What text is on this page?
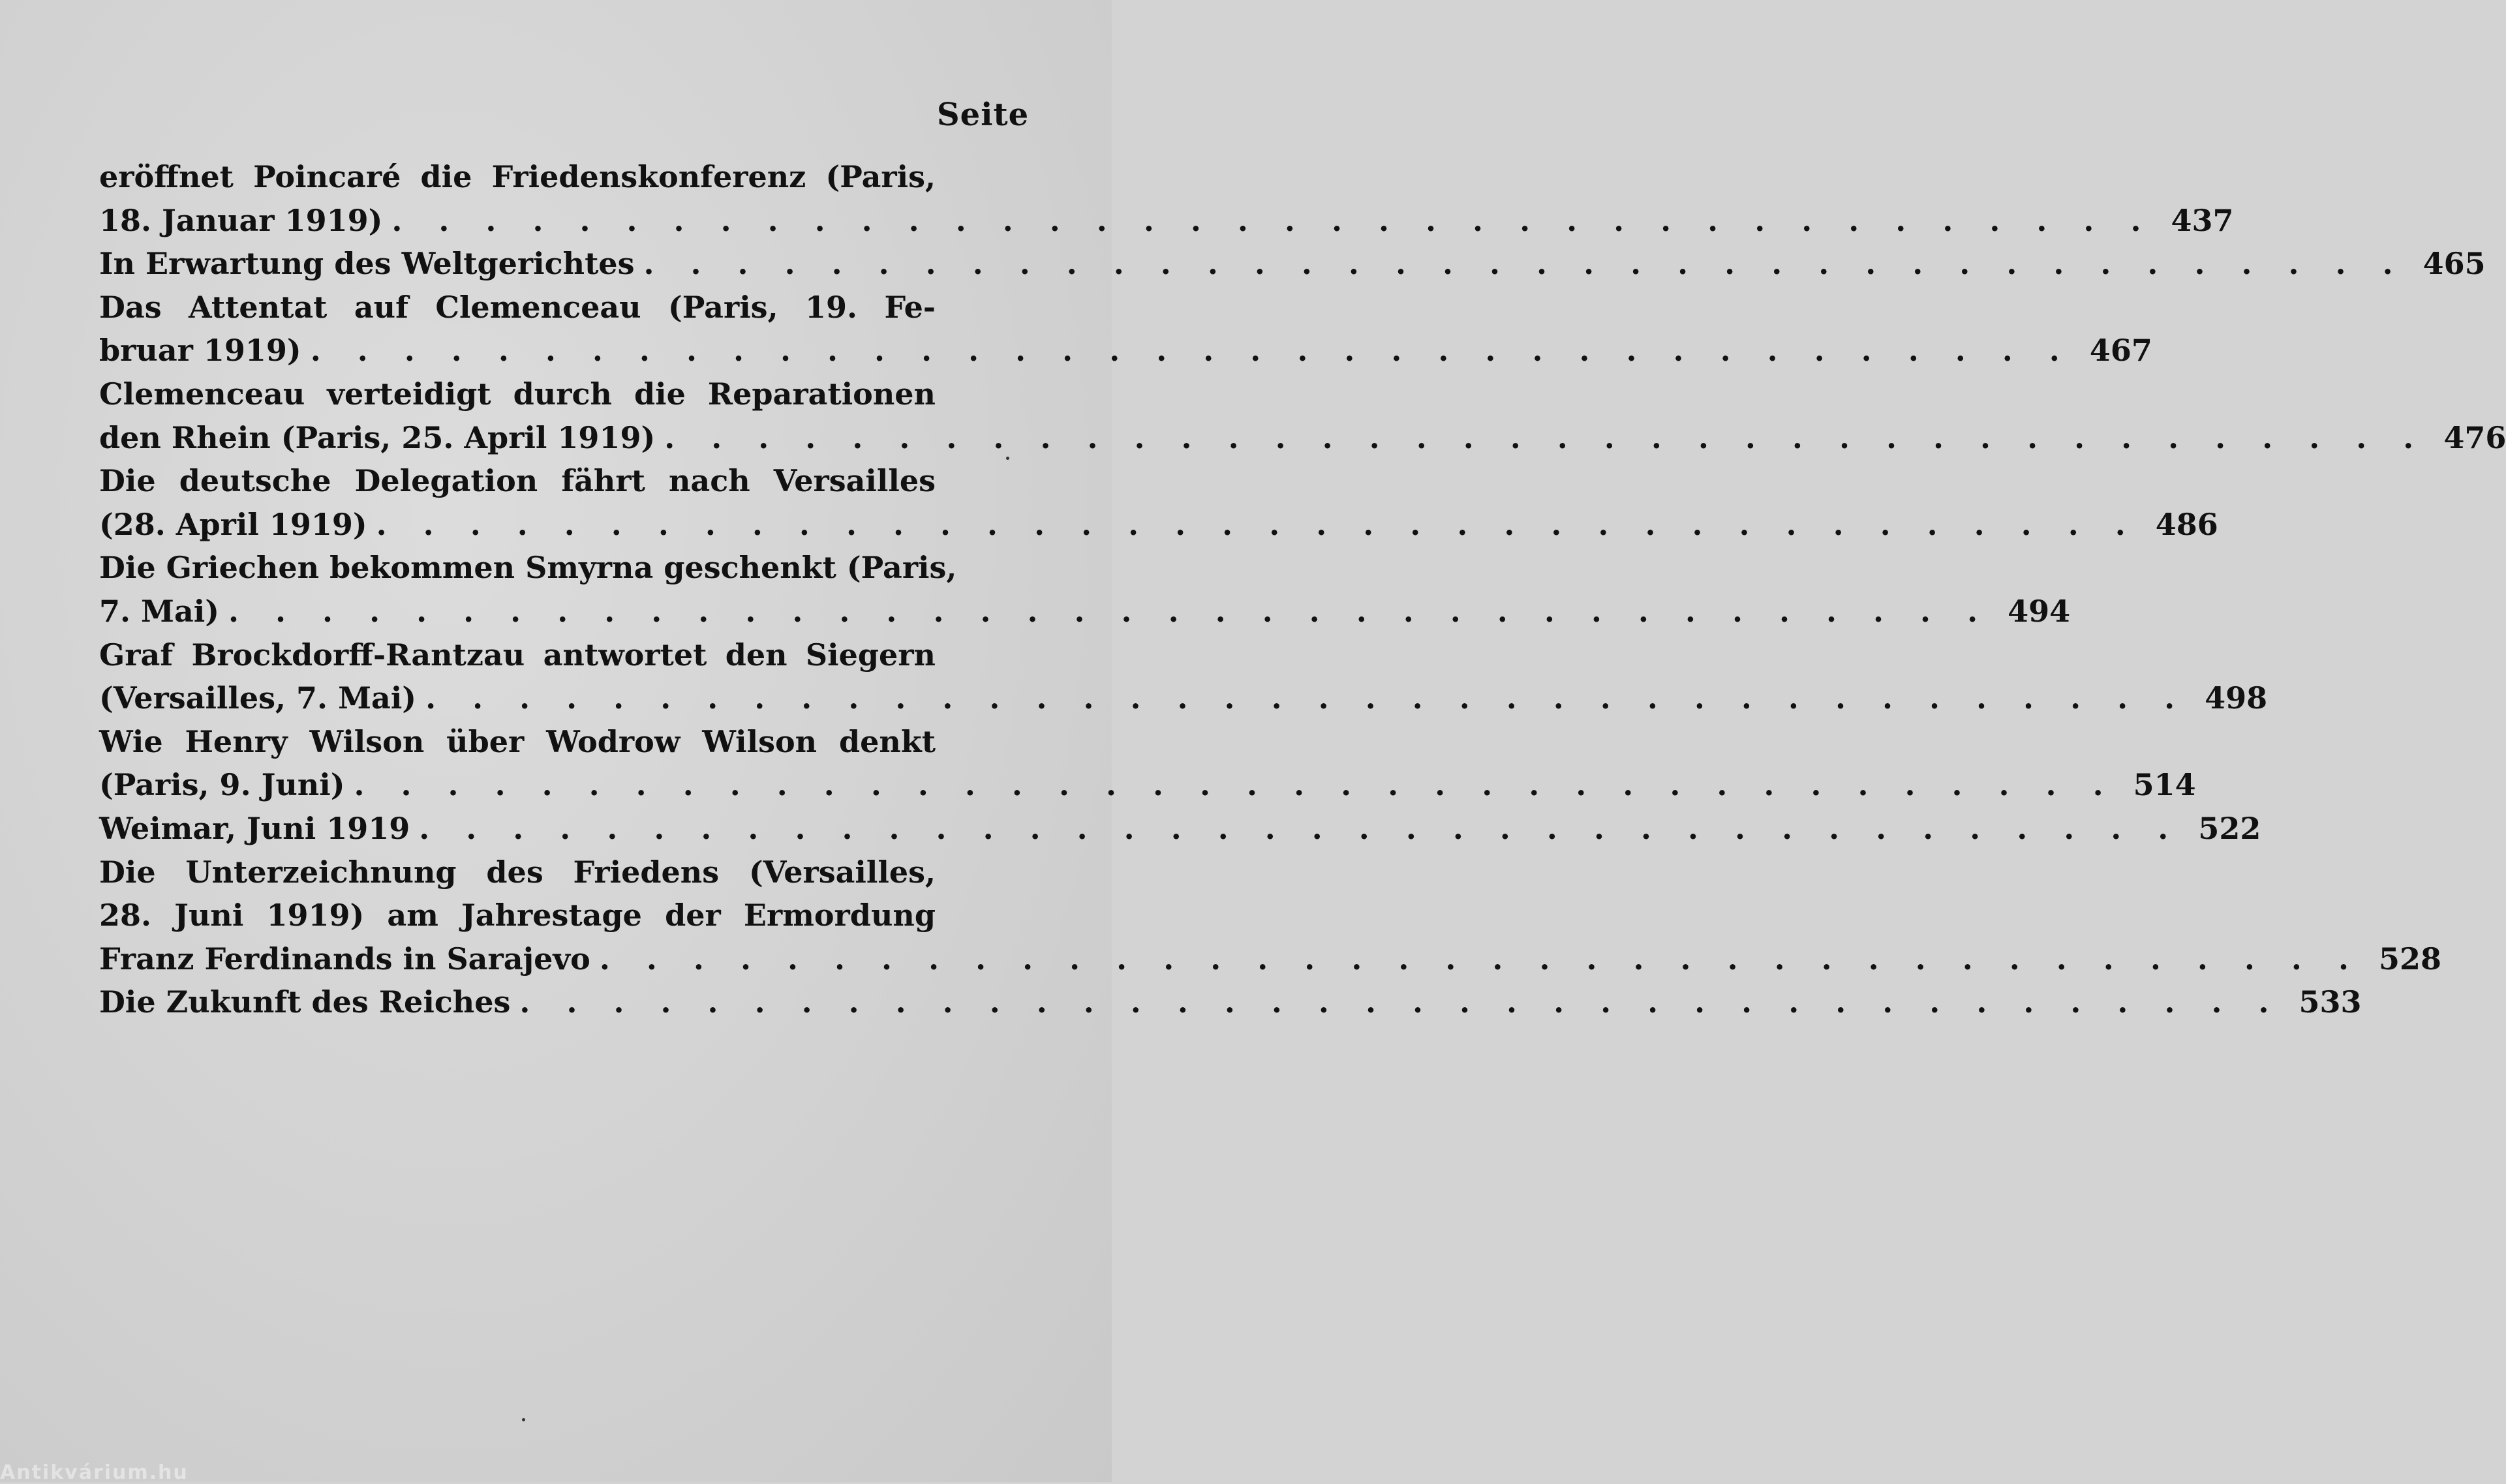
Seite
eröffnet Poincaré die Friedenskonferenz (Paris,
18. Januar 1919) . . . . . . . . . . . . . . . . . . . . . . . . . . . . . . . . . . . . . . 437
In Erwartung des Weltgerichtes . . . . . . . . . . . . . . . . . . . . . . . . . . . . . . . . . . . . . . 465
Das Attentat auf Clemenceau (Paris, 19. Fe-
bruar 1919) . . . . . . . . . . . . . . . . . . . . . . . . . . . . . . . . . . . . . . 467
Clemenceau verteidigt durch die Reparationen
den Rhein (Paris, 25. April 1919) . . . . . . . . . . . . . . . . . . . . . . . . . . . . . . . . . . . . . . 476
Die deutsche Delegation fährt nach Versailles
(28. April 1919) . . . . . . . . . . . . . . . . . . . . . . . . . . . . . . . . . . . . . . 486
Die Griechen bekommen Smyrna geschenkt (Paris,
7. Mai) . . . . . . . . . . . . . . . . . . . . . . . . . . . . . . . . . . . . . . 494
Graf Brockdorff-Rantzau antwortet den Siegern
(Versailles, 7. Mai) . . . . . . . . . . . . . . . . . . . . . . . . . . . . . . . . . . . . . . 498
Wie Henry Wilson über Wodrow Wilson denkt
(Paris, 9. Juni) . . . . . . . . . . . . . . . . . . . . . . . . . . . . . . . . . . . . . . 514
Weimar, Juni 1919 . . . . . . . . . . . . . . . . . . . . . . . . . . . . . . . . . . . . . . 522
Die Unterzeichnung des Friedens (Versailles,
28. Juni 1919) am Jahrestage der Ermordung
Franz Ferdinands in Sarajevo . . . . . . . . . . . . . . . . . . . . . . . . . . . . . . . . . . . . . . 528
Die Zukunft des Reiches . . . . . . . . . . . . . . . . . . . . . . . . . . . . . . . . . . . . . . 533
Antikvárium.hu
